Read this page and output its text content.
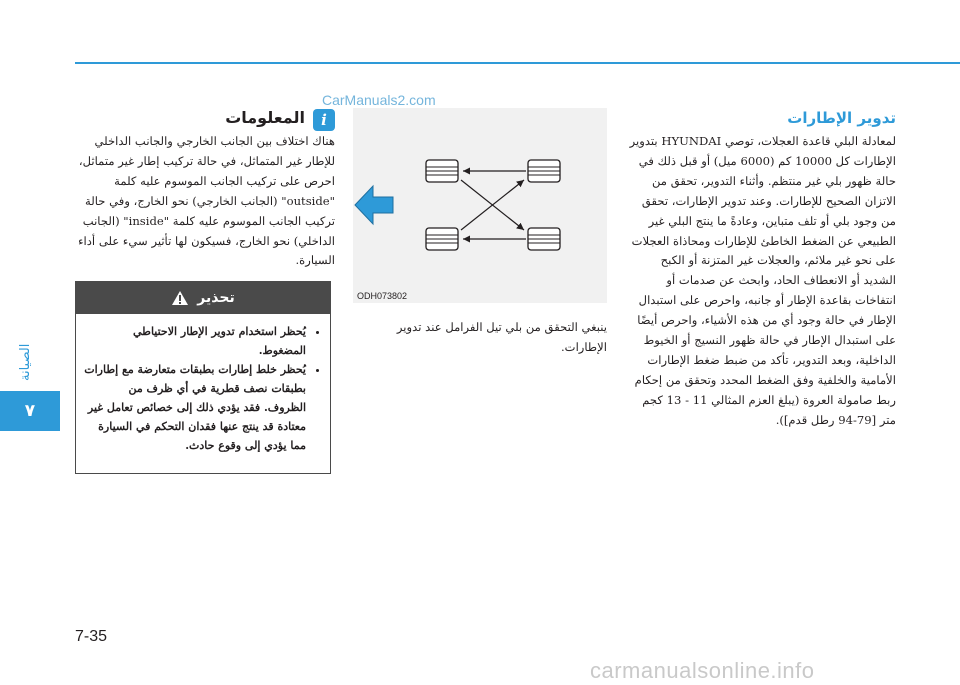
الصيانة
٧
تدوير الإطارات
لمعادلة البلي قاعدة العجلات، توصي HYUNDAI بتدوير الإطارات كل 10000 كم (6000 ميل) أو قبل ذلك في حالة ظهور بلي غير منتظم. وأثناء التدوير، تحقق من الاتزان الصحيح للإطارات. وعند تدوير الإطارات، تحقق من وجود بلي أو تلف متباين، وعادةً ما ينتج البلي غير الطبيعي عن الضغط الخاطئ للإطارات ومحاذاة العجلات على نحو غير ملائم، والعجلات غير المتزنة أو الكبح الشديد أو الانعطاف الحاد، وابحث عن صدمات أو انتفاخات بقاعدة الإطار أو جانبه، واحرص على استبدال الإطار في حالة وجود أي من هذه الأشياء، واحرص أيضًا على استبدال الإطار في حالة ظهور النسيج أو الخيوط الداخلية، وبعد التدوير، تأكد من ضبط ضغط الإطارات الأمامية والخلفية وفق الضغط المحدد وتحقق من إحكام ربط صامولة العروة (يبلغ العزم المثالي 11 - 13 كجم متر [79-94 رطل قدم]).
ODH073802
ينبغي التحقق من بلي تيل الفرامل عند تدوير الإطارات.
المعلومات	i
هناك اختلاف بين الجانب الخارجي والجانب الداخلي للإطار غير المتماثل، في حالة تركيب إطار غير متماثل، احرص على تركيب الجانب الموسوم عليه كلمة "outside" (الجانب الخارجي) نحو الخارج، وفي حالة تركيب الجانب الموسوم عليه كلمة "inside" (الجانب الداخلي) نحو الخارج، فسيكون لها تأثير سيء على أداء السيارة.
تحذير
• يُحظر استخدام تدوير الإطار الاحتياطي المضغوط.
• يُحظر خلط إطارات بطبقات متعارضة مع إطارات بطبقات نصف قطرية في أي ظرف من الظروف. فقد يؤدي ذلك إلى خصائص تعامل غير معتادة قد ينتج عنها فقدان التحكم في السيارة مما يؤدي إلى وقوع حادث.
CarManuals2.com
carmanualsonline.info
7-35
